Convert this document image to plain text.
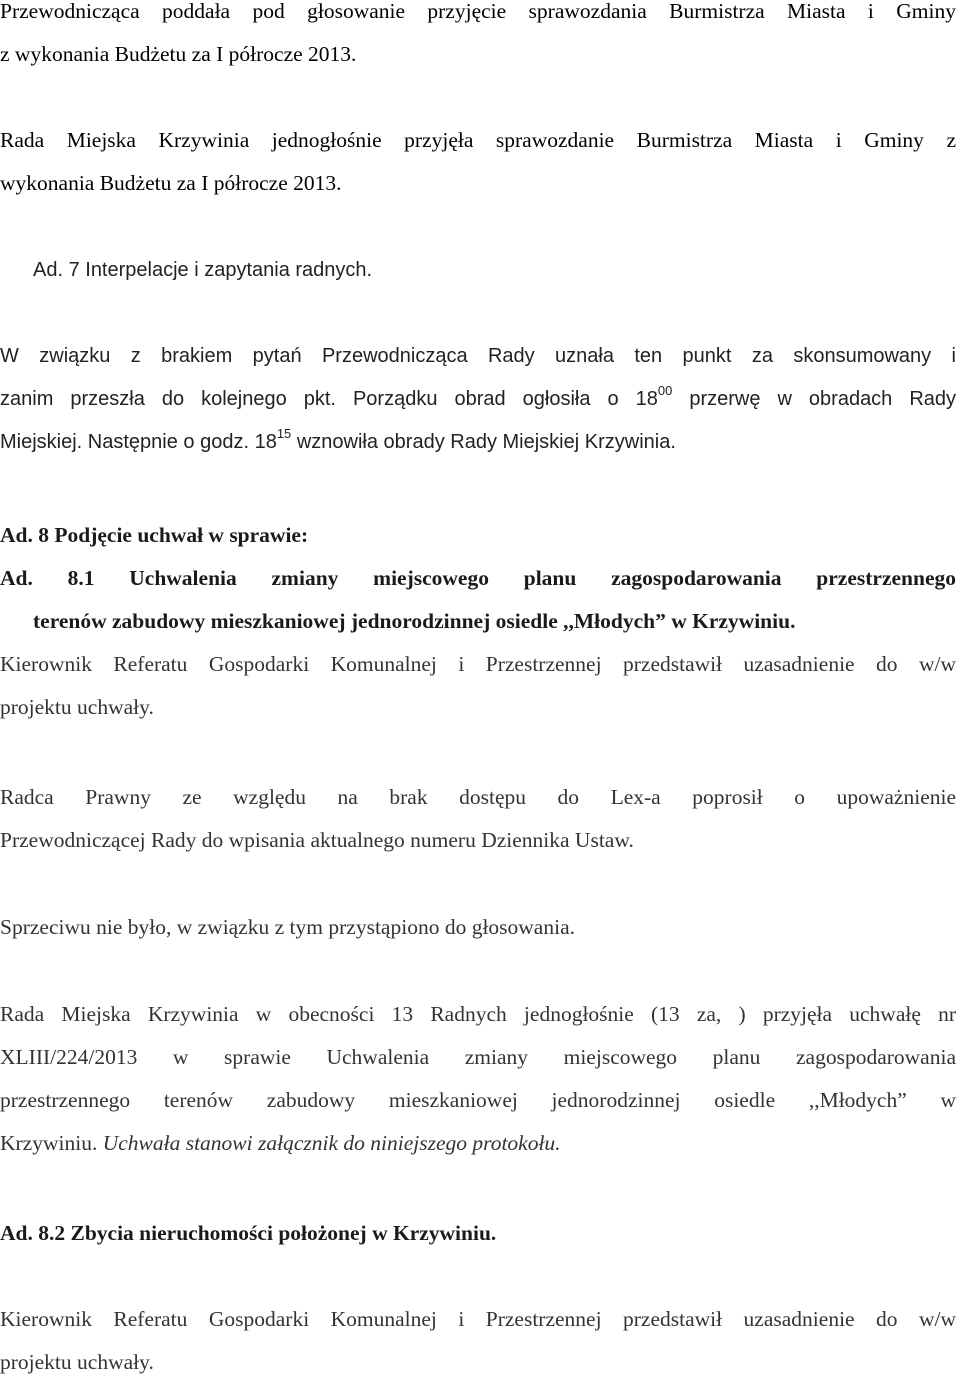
Przewodnicząca poddała pod głosowanie przyjęcie sprawozdania Burmistrza Miasta i Gminy
z wykonania Budżetu za I półrocze 2013.
Rada Miejska Krzywinia jednogłośnie przyjęła sprawozdanie Burmistrza Miasta i Gminy z
wykonania Budżetu za I półrocze 2013.
Ad. 7 Interpelacje i zapytania radnych.
W związku z brakiem pytań Przewodnicząca Rady uznała ten punkt za skonsumowany i
zanim przeszła do kolejnego pkt. Porządku obrad ogłosiła o $18^{00}$ przerwę w obradach Rady
Miejskiej. Następnie o godz. $18^{15}$ wznowiła obrady Rady Miejskiej Krzywinia.
Ad. 8 Podjęcie uchwał w sprawie:
Ad. 8.1 Uchwalenia zmiany miejscowego planu zagospodarowania przestrzennego
terenów zabudowy mieszkaniowej jednorodzinnej osiedle ,,Młodych” w Krzywiniu.
Kierownik Referatu Gospodarki Komunalnej i Przestrzennej przedstawił uzasadnienie do w/w
projektu uchwały.
Radca Prawny ze względu na brak dostępu do Lex-a poprosił o upoważnienie
Przewodniczącej Rady do wpisania aktualnego numeru Dziennika Ustaw.
Sprzeciwu nie było, w związku z tym przystąpiono do głosowania.
Rada Miejska Krzywinia w obecności 13 Radnych jednogłośnie (13 za, ) przyjęła uchwałę nr
XLIII/224/2013 w sprawie Uchwalenia zmiany miejscowego planu zagospodarowania
przestrzennego terenów zabudowy mieszkaniowej jednorodzinnej osiedle ,,Młodych” w
Krzywiniu. Uchwała stanowi załącznik do niniejszego protokołu.
Ad. 8.2 Zbycia nieruchomości położonej w Krzywiniu.
Kierownik Referatu Gospodarki Komunalnej i Przestrzennej przedstawił uzasadnienie do w/w
projektu uchwały.
